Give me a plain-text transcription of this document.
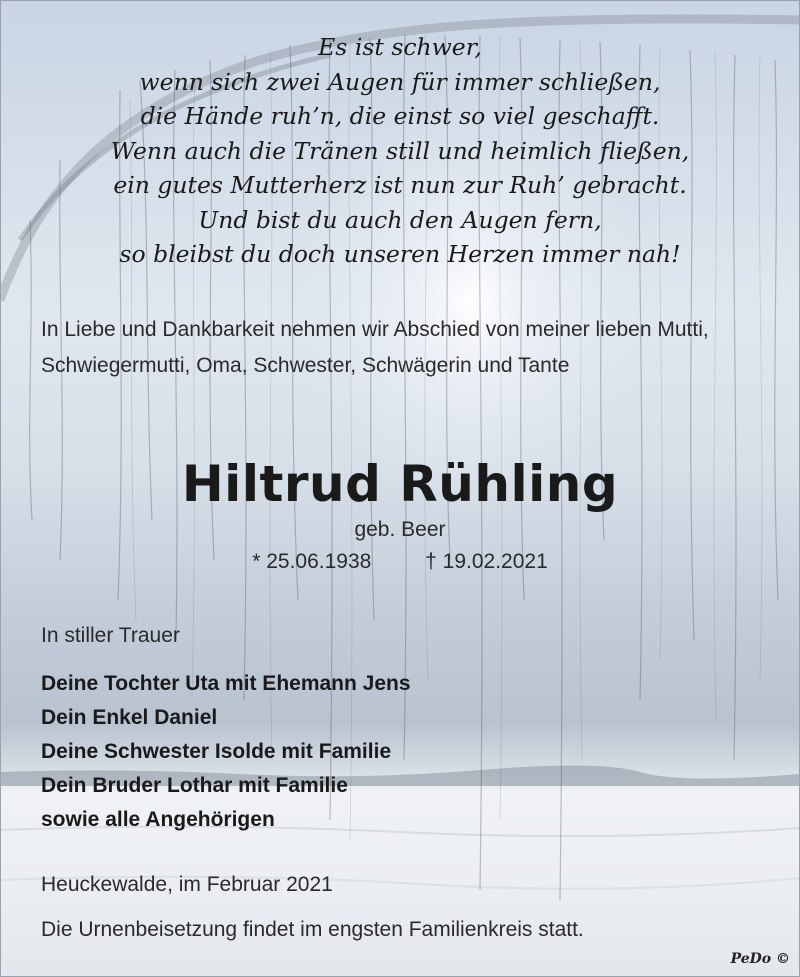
Es ist schwer,
wenn sich zwei Augen für immer schließen,
die Hände ruh’n, die einst so viel geschafft.
Wenn auch die Tränen still und heimlich fließen,
ein gutes Mutterherz ist nun zur Ruh’ gebracht.
Und bist du auch den Augen fern,
so bleibst du doch unseren Herzen immer nah!
In Liebe und Dankbarkeit nehmen wir Abschied von meiner lieben Mutti, Schwiegermutti, Oma, Schwester, Schwägerin und Tante
Hiltrud Rühling
geb. Beer
* 25.06.1938	† 19.02.2021
In stiller Trauer
Deine Tochter Uta mit Ehemann Jens
Dein Enkel Daniel
Deine Schwester Isolde mit Familie
Dein Bruder Lothar mit Familie
sowie alle Angehörigen
Heuckewalde, im Februar 2021
Die Urnenbeisetzung findet im engsten Familienkreis statt.
PeDo ©
